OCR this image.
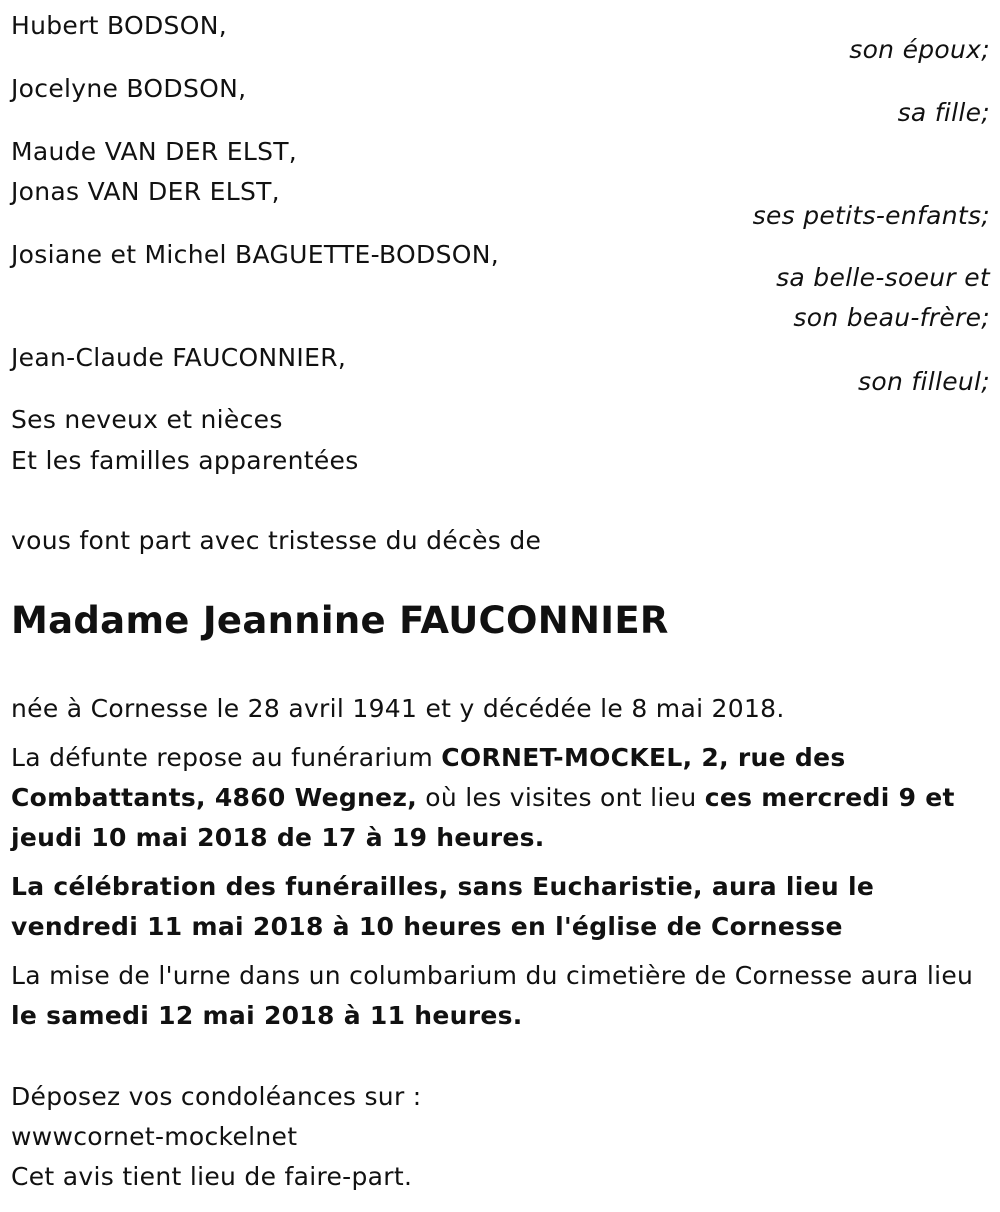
Hubert BODSON,
son époux;
Jocelyne BODSON,
sa fille;
Maude VAN DER ELST,
Jonas VAN DER ELST,
ses petits-enfants;
Josiane et Michel BAGUETTE-BODSON,
sa belle-soeur et
son beau-frère;
Jean-Claude FAUCONNIER,
son filleul;
Ses neveux et nièces
Et les familles apparentées
vous font part avec tristesse du décès de
Madame Jeannine FAUCONNIER
née à Cornesse le 28 avril 1941 et y décédée le 8 mai 2018.
La défunte repose au funérarium CORNET-MOCKEL, 2, rue des Combattants, 4860 Wegnez, où les visites ont lieu ces mercredi 9 et jeudi 10 mai 2018 de 17 à 19 heures.
La célébration des funérailles, sans Eucharistie, aura lieu le vendredi 11 mai 2018 à 10 heures en l'église de Cornesse
La mise de l'urne dans un columbarium du cimetière de Cornesse aura lieu le samedi 12 mai 2018 à 11 heures.
Déposez vos condoléances sur :
wwwcornet-mockelnet
Cet avis tient lieu de faire-part.
